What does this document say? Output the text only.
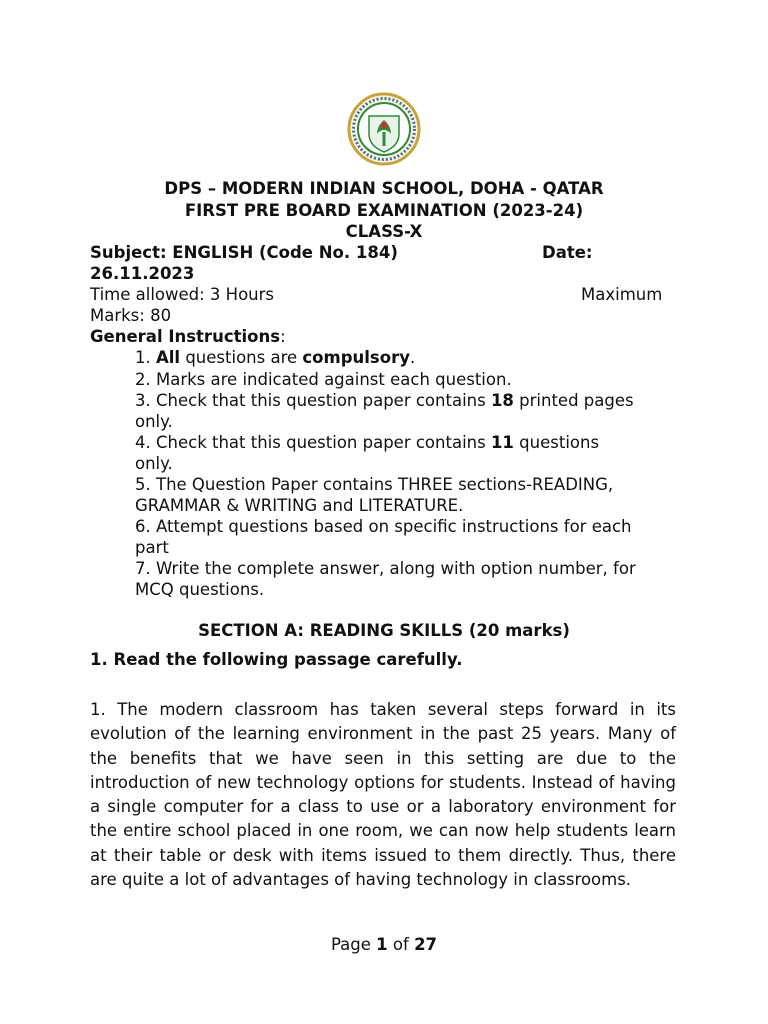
DPS – MODERN INDIAN SCHOOL, DOHA - QATAR
FIRST PRE BOARD EXAMINATION (2023-24)
CLASS-X
Subject: ENGLISH (Code No. 184)	Date:
26.11.2023
Time allowed: 3 Hours	Maximum
Marks: 80
General Instructions:
1. All questions are compulsory.
2. Marks are indicated against each question.
3. Check that this question paper contains 18 printed pages
only.
4. Check that this question paper contains 11 questions
only.
5. The Question Paper contains THREE sections-READING,
GRAMMAR & WRITING and LITERATURE.
6. Attempt questions based on specific instructions for each
part
7. Write the complete answer, along with option number, for
MCQ questions.
SECTION A: READING SKILLS (20 marks)
1. Read the following passage carefully.
1. The modern classroom has taken several steps forward in its evolution of the learning environment in the past 25 years. Many of the benefits that we have seen in this setting are due to the introduction of new technology options for students. Instead of having a single computer for a class to use or a laboratory environment for the entire school placed in one room, we can now help students learn at their table or desk with items issued to them directly. Thus, there are quite a lot of advantages of having technology in classrooms.
Page 1 of 27
